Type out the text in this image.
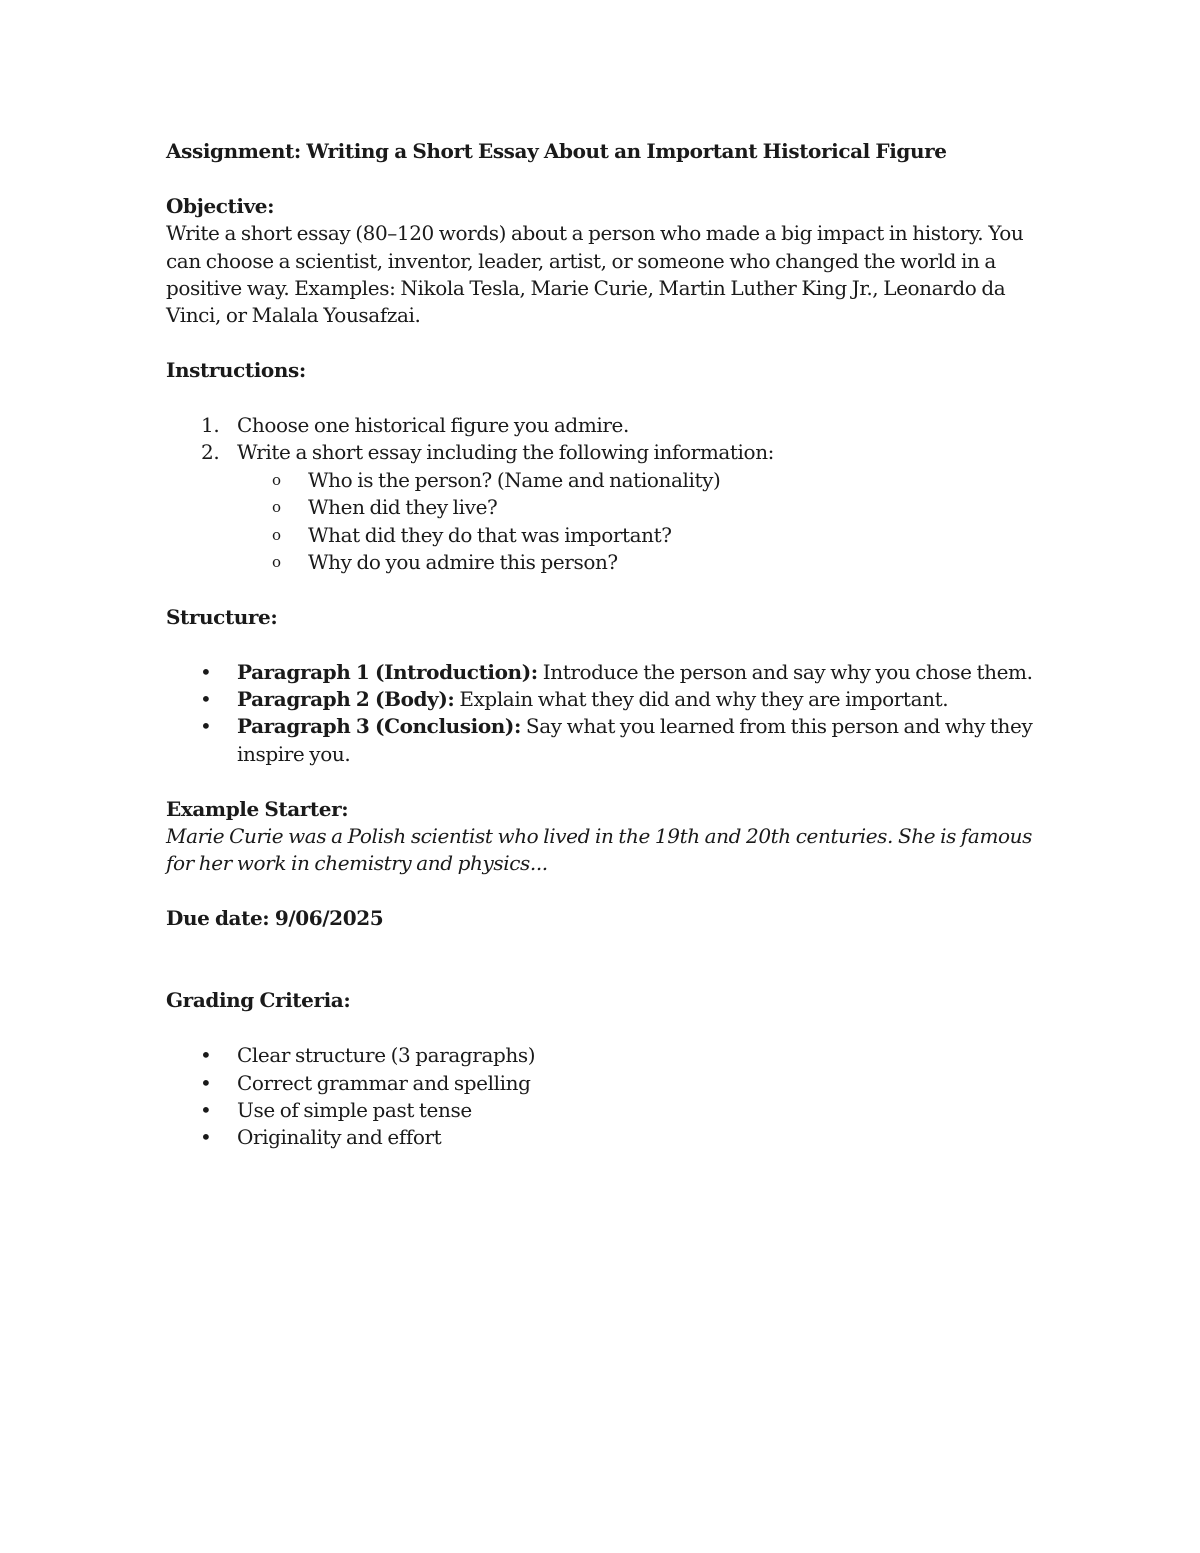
Assignment: Writing a Short Essay About an Important Historical Figure

Objective:

Write a short essay (80–120 words) about a person who made a big impact in history. You can choose a scientist, inventor, leader, artist, or someone who changed the world in a positive way. Examples: Nikola Tesla, Marie Curie, Martin Luther King Jr., Leonardo da Vinci, or Malala Yousafzai.

Instructions:

1. Choose one historical figure you admire.
2. Write a short essay including the following information:
o Who is the person? (Name and nationality)
o When did they live?
o What did they do that was important?
o Why do you admire this person?

Structure:

• Paragraph 1 (Introduction): Introduce the person and say why you chose them.
• Paragraph 2 (Body): Explain what they did and why they are important.
• Paragraph 3 (Conclusion): Say what you learned from this person and why they inspire you.

Example Starter:

Marie Curie was a Polish scientist who lived in the 19th and 20th centuries. She is famous for her work in chemistry and physics...

Due date: 9/06/2025

Grading Criteria:

• Clear structure (3 paragraphs)
• Correct grammar and spelling
• Use of simple past tense
• Originality and effort
